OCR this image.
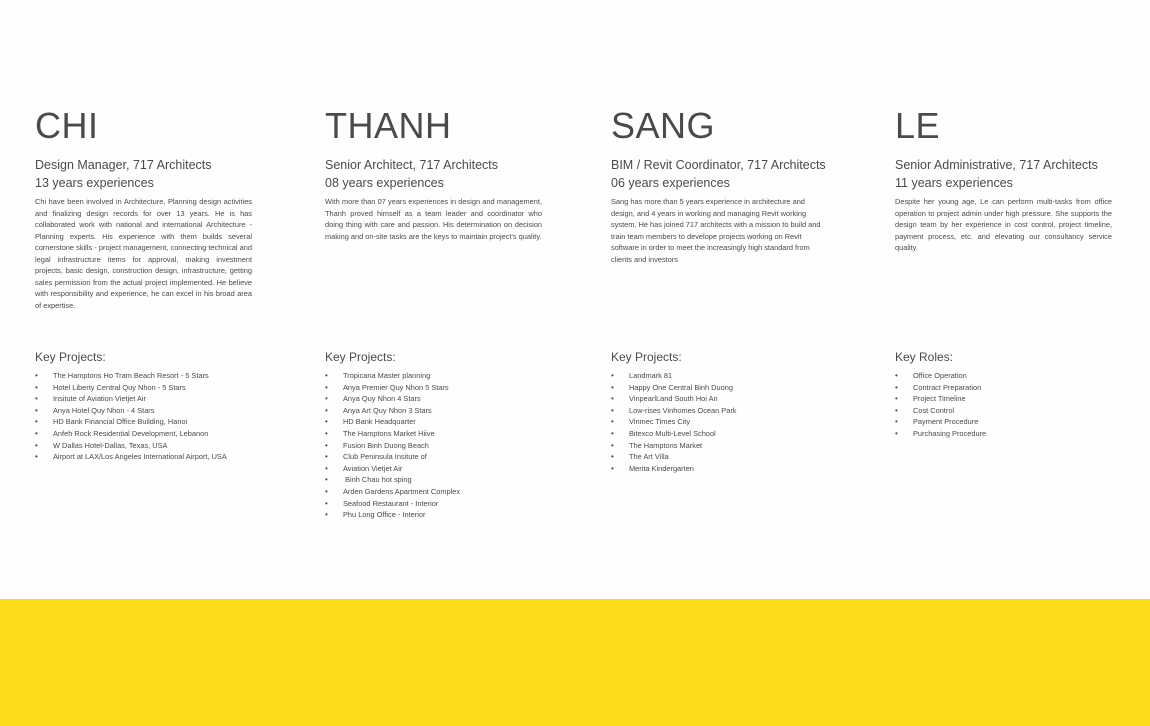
CHI
Design Manager, 717 Architects
13 years experiences

Chi have been involved in Architecture, Planning design activities and finalizing design records for over 13 years. He is has collaborated work with national and international Architecture - Planning experts. His experience with them builds several cornerstone skills - project management, connecting technical and legal infrastructure items for approval, making investment projects, basic design, construction design, infrastructure, getting sales permission from the actual project implemented. He believe with responsibility and experience, he can excel in his broad area of expertise.

Key Projects:
• The Hamptons Ho Tram Beach Resort - 5 Stars
• Hotel Liberty Central Quy Nhon - 5 Stars
• Insitute of Aviation Vietjet Air
• Anya Hotel Quy Nhon - 4 Stars
• HD Bank Financial Office Building, Hanoi
• Anfeh Rock Residential Development, Lebanon
• W Dallas Hotel-Dallas, Texas, USA
• Airport at LAX/Los Angeles International Airport, USA
THANH
Senior Architect, 717 Architects
08 years experiences

With more than 07 years experiences in design and management, Thanh proved himself as a team leader and coordinator who doing thing with care and passion. His determination on decision making and on-site tasks are the keys to maintain project's quality.

Key Projects:
• Tropicana Master planning
• Anya Premier Quy Nhon 5 Stars
• Anya Quy Nhon 4 Stars
• Anya Art Quy Nhon 3 Stars
• HD Bank Headquarter
• The Hamptons Market Hiive
• Fusion Binh Duong Beach
• Club Peninsula Insitute of
• Aviation Vietjet Air
•  Binh Chau hot sping
• Arden Gardens Apartment Complex
• Seafood Restaurant - Interior
• Phu Long Office - Interior
SANG
BIM / Revit Coordinator, 717 Architects
06 years experiences

Sang has more than 5 years experience in architecture and design, and 4 years in working and managing Revit working system, He has joined 717 architects with a mission to build and train team members to develope projects working on Revit software in order to meet the increasingly high standard from clients and investors

Key Projects:
• Landmark 81
• Happy One Central Binh Duong
• VinpearlLand South Hoi An
• Low-rises Vinhomes Ocean Park
• Vinmec Times City
• Bitexco Multi-Level School
• The Hamptons Market
• The Art Villa
• Merita Kindergarten
LE
Senior Administrative, 717 Architects
11 years experiences

Despite her young age, Le can perform multi-tasks from office operation to project admin under high pressure. She supports the design team by her experience in cost control, project timeline, payment process, etc. and elevating our consultancy service quality.

Key Roles:
• Office Operation
• Contract Preparation
• Project Timeline
• Cost Control
• Payment Procedure
• Purchasing Procedure
